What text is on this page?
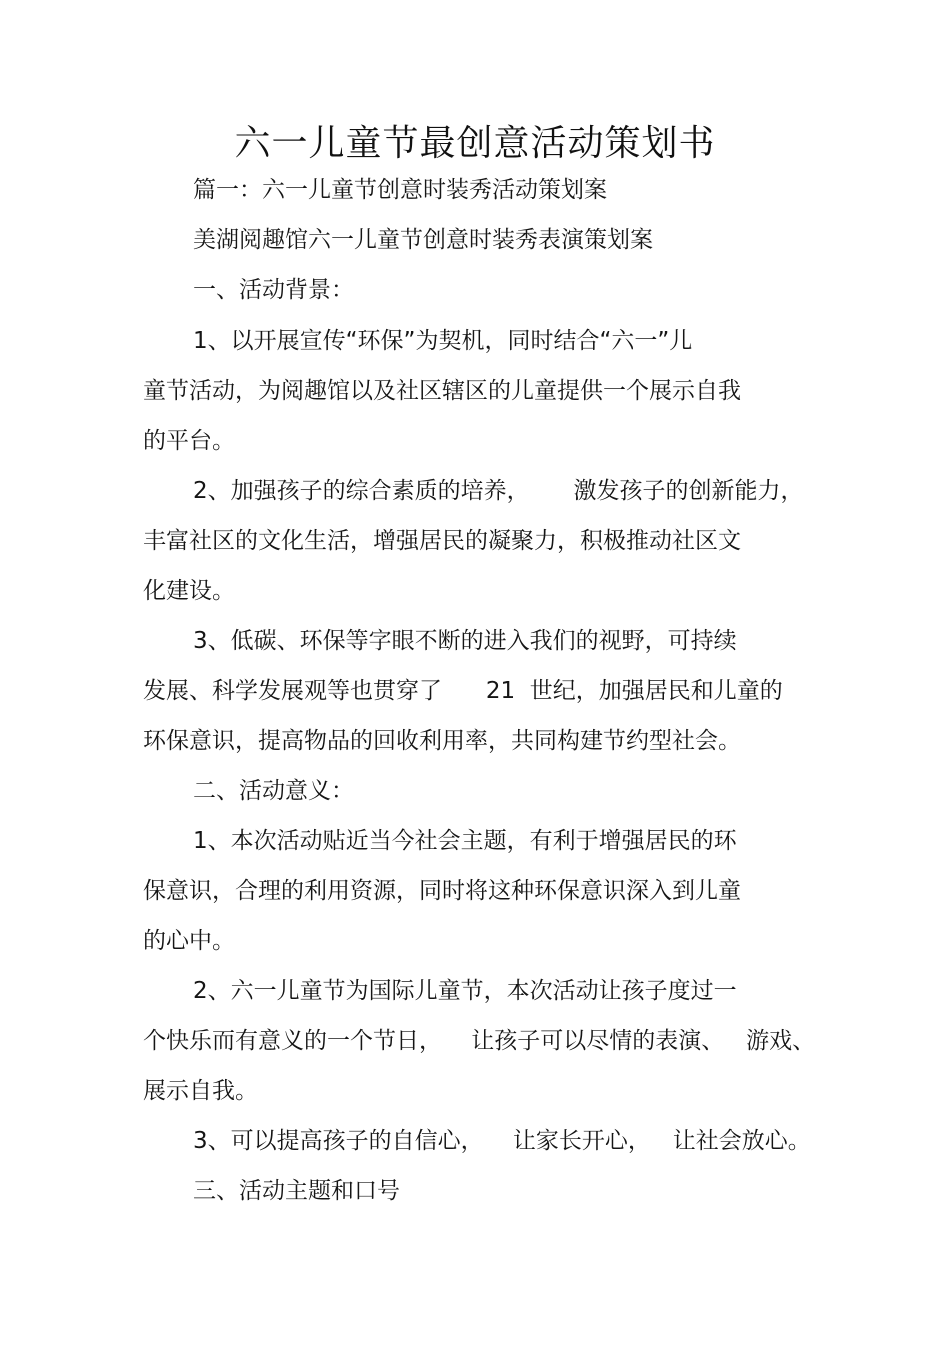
六一儿童节最创意活动策划书
篇一：六一儿童节创意时装秀活动策划案
美湖阅趣馆六一儿童节创意时装秀表演策划案
一、活动背景：
1、以开展宣传“环保”为契机，同时结合“六一”儿
童节活动，为阅趣馆以及社区辖区的儿童提供一个展示自我
的平台。
2、加强孩子的综合素质的培养，      激发孩子的创新能力，
丰富社区的文化生活，增强居民的凝聚力，积极推动社区文
化建设。
3、低碳、环保等字眼不断的进入我们的视野，可持续
发展、科学发展观等也贯穿了      21  世纪，加强居民和儿童的
环保意识，提高物品的回收利用率，共同构建节约型社会。
二、活动意义：
1、本次活动贴近当今社会主题，有利于增强居民的环
保意识，合理的利用资源，同时将这种环保意识深入到儿童
的心中。
2、六一儿童节为国际儿童节，本次活动让孩子度过一
个快乐而有意义的一个节日，    让孩子可以尽情的表演、   游戏、
展示自我。
3、可以提高孩子的自信心，    让家长开心，   让社会放心。
三、活动主题和口号
